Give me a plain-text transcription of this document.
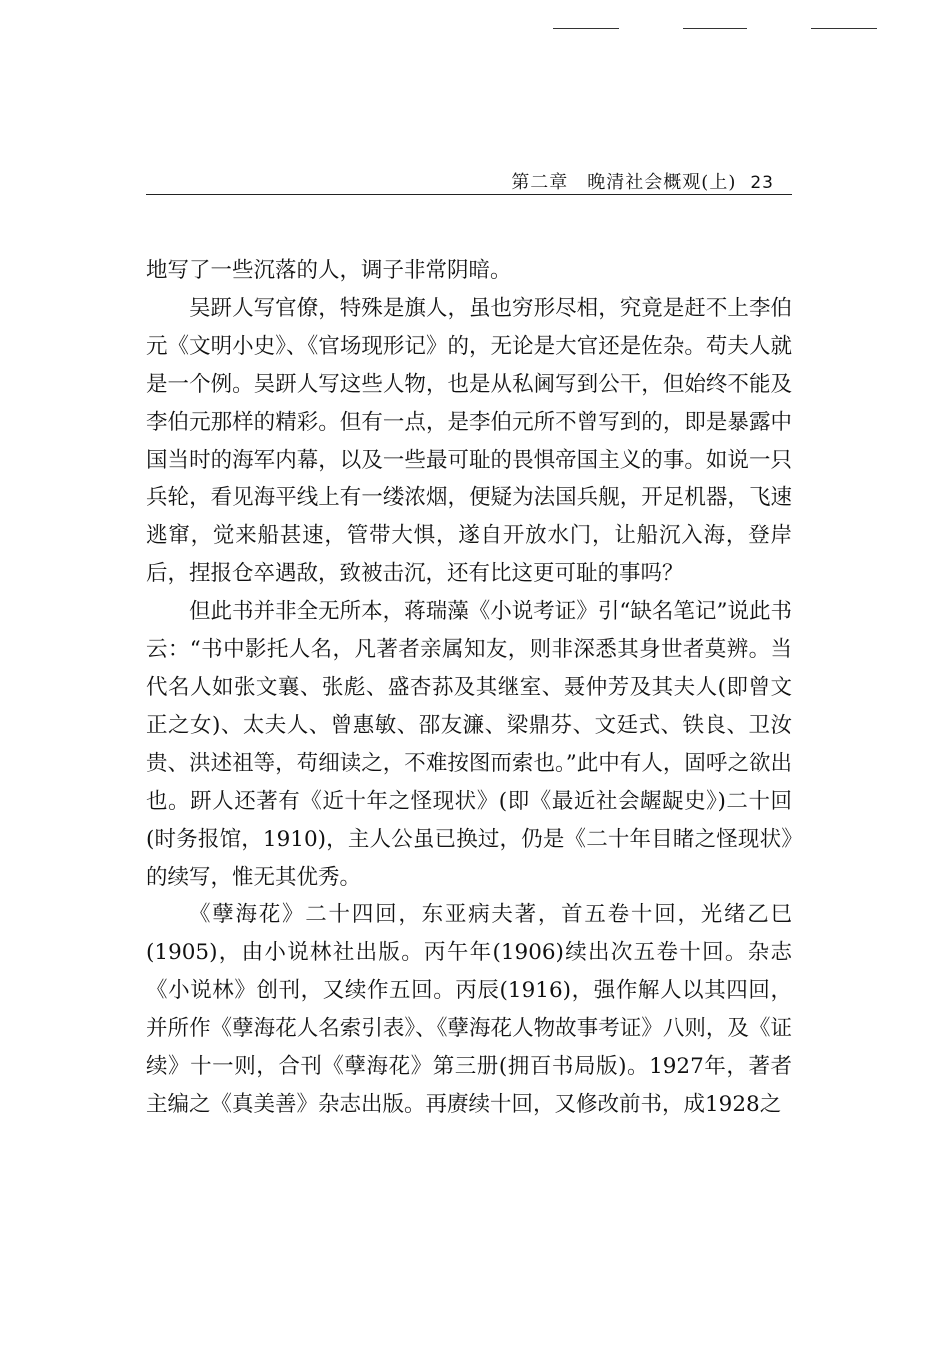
第二章　晚清社会概观(上) 23

地写了一些沉落的人，调子非常阴暗。

吴趼人写官僚，特殊是旗人，虽也穷形尽相，究竟是赶不上李伯元《文明小史》、《官场现形记》的，无论是大官还是佐杂。苟夫人就是一个例。吴趼人写这些人物，也是从私阃写到公干，但始终不能及李伯元那样的精彩。但有一点，是李伯元所不曾写到的，即是暴露中国当时的海军内幕，以及一些最可耻的畏惧帝国主义的事。如说一只兵轮，看见海平线上有一缕浓烟，便疑为法国兵舰，开足机器，飞速逃窜，觉来船甚速，管带大惧，遂自开放水门，让船沉入海，登岸后，捏报仓卒遇敌，致被击沉，还有比这更可耻的事吗？

但此书并非全无所本，蒋瑞藻《小说考证》引“缺名笔记”说此书云：“书中影托人名，凡著者亲属知友，则非深悉其身世者莫辨。当代名人如张文襄、张彪、盛杏荪及其继室、聂仲芳及其夫人(即曾文正之女)、太夫人、曾惠敏、邵友濂、梁鼎芬、文廷式、铁良、卫汝贵、洪述祖等，苟细读之，不难按图而索也。”此中有人，固呼之欲出也。趼人还著有《近十年之怪现状》(即《最近社会龌龊史》)二十回(时务报馆，1910)，主人公虽已换过，仍是《二十年目睹之怪现状》的续写，惟无其优秀。

《孽海花》二十四回，东亚病夫著，首五卷十回，光绪乙巳(1905)，由小说林社出版。丙午年(1906)续出次五卷十回。杂志《小说林》创刊，又续作五回。丙辰(1916)，强作解人以其四回，并所作《孽海花人名索引表》、《孽海花人物故事考证》八则，及《证续》十一则，合刊《孽海花》第三册(拥百书局版)。1927年，著者主编之《真美善》杂志出版。再赓续十回，又修改前书，成1928之
